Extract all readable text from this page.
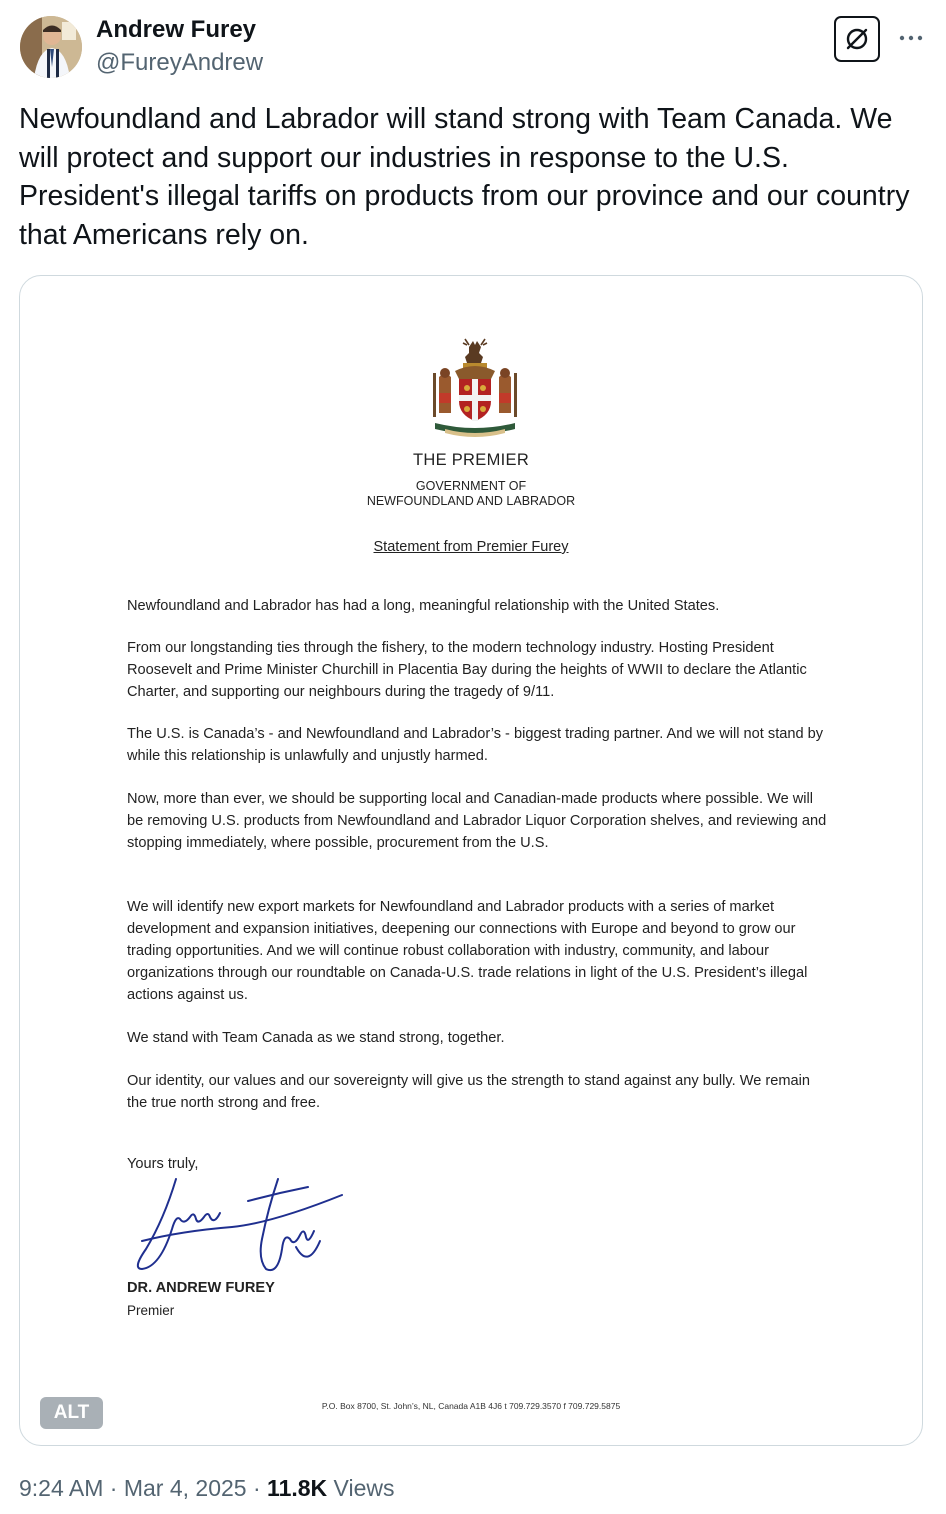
Andrew Furey
@FureyAndrew
Newfoundland and Labrador will stand strong with Team Canada. We will protect and support our industries in response to the U.S. President's illegal tariffs on products from our province and our country that Americans rely on.
THE PREMIER
GOVERNMENT OF
NEWFOUNDLAND AND LABRADOR
Statement from Premier Furey

Newfoundland and Labrador has had a long, meaningful relationship with the United States.

From our longstanding ties through the fishery, to the modern technology industry. Hosting President Roosevelt and Prime Minister Churchill in Placentia Bay during the heights of WWII to declare the Atlantic Charter, and supporting our neighbours during the tragedy of 9/11.

The U.S. is Canada’s - and Newfoundland and Labrador’s - biggest trading partner. And we will not stand by while this relationship is unlawfully and unjustly harmed.

Now, more than ever, we should be supporting local and Canadian-made products where possible. We will be removing U.S. products from Newfoundland and Labrador Liquor Corporation shelves, and reviewing and stopping immediately, where possible, procurement from the U.S.

We will identify new export markets for Newfoundland and Labrador products with a series of market development and expansion initiatives, deepening our connections with Europe and beyond to grow our trading opportunities. And we will continue robust collaboration with industry, community, and labour organizations through our roundtable on Canada-U.S. trade relations in light of the U.S. President’s illegal actions against us.

We stand with Team Canada as we stand strong, together.

Our identity, our values and our sovereignty will give us the strength to stand against any bully. We remain the true north strong and free.

Yours truly,
DR. ANDREW FUREY
Premier
P.O. Box 8700, St. John’s, NL, Canada A1B 4J6 t 709.729.3570 f 709.729.5875
ALT
9:24 AM · Mar 4, 2025 · 11.8K Views
